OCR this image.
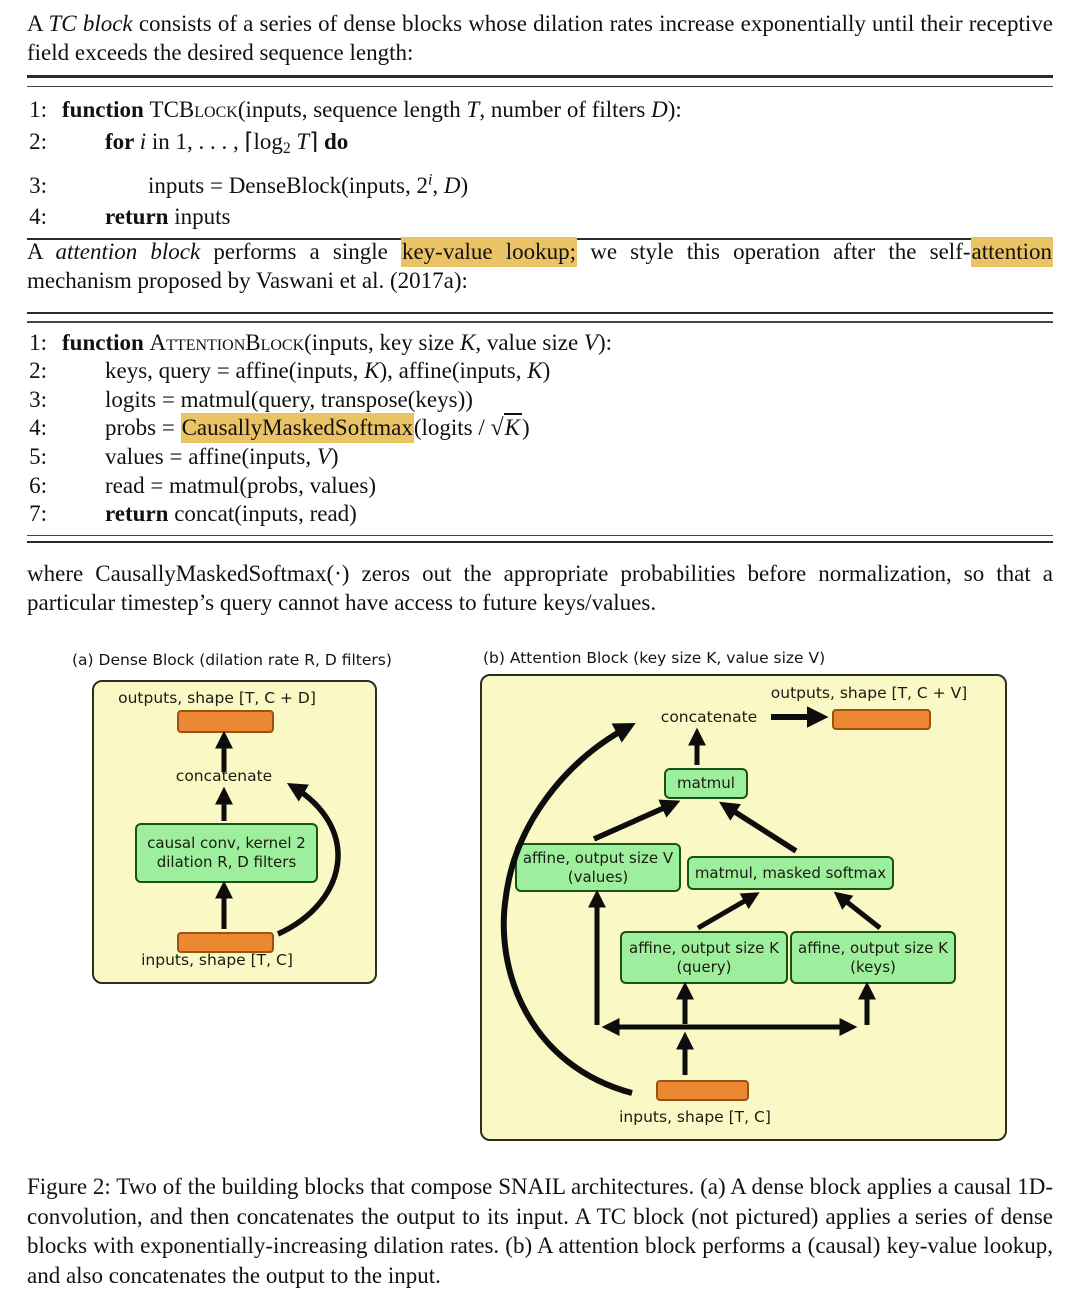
A TC block consists of a series of dense blocks whose dilation rates increase exponentially until their receptive field exceeds the desired sequence length:
1: function TCBlock(inputs, sequence length T, number of filters D):
2:	for i in 1, . . . , ⌈log2 T⌉ do
3:	inputs = DenseBlock(inputs, 2$^i$, D)
4:	return inputs
A attention block performs a single key-value lookup; we style this operation after the self-attention mechanism proposed by Vaswani et al. (2017a):
1: function AttentionBlock(inputs, key size K, value size V):
2:	keys, query = affine(inputs, K), affine(inputs, K)
3:	logits = matmul(query, transpose(keys))
4:	probs = CausallyMaskedSoftmax(logits / √K)
5:	values = affine(inputs, V)
6:	read = matmul(probs, values)
7:	return concat(inputs, read)
where CausallyMaskedSoftmax(·) zeros out the appropriate probabilities before normalization, so that a particular timestep’s query cannot have access to future keys/values.
(a) Dense Block (dilation rate R, D filters)	(b) Attention Block (key size K, value size V)
outputs, shape [T, C + D]
concatenate
causal conv, kernel 2
dilation R, D filters
inputs, shape [T, C]
outputs, shape [T, C + V]
concatenate
matmul
affine, output size V
(values)	matmul, masked softmax
affine, output size K
(query)
affine, output size K
(keys)
inputs, shape [T, C]
Figure 2: Two of the building blocks that compose SNAIL architectures. (a) A dense block applies a causal 1D-convolution, and then concatenates the output to its input. A TC block (not pictured) applies a series of dense blocks with exponentially-increasing dilation rates. (b) A attention block performs a (causal) key-value lookup, and also concatenates the output to the input.
